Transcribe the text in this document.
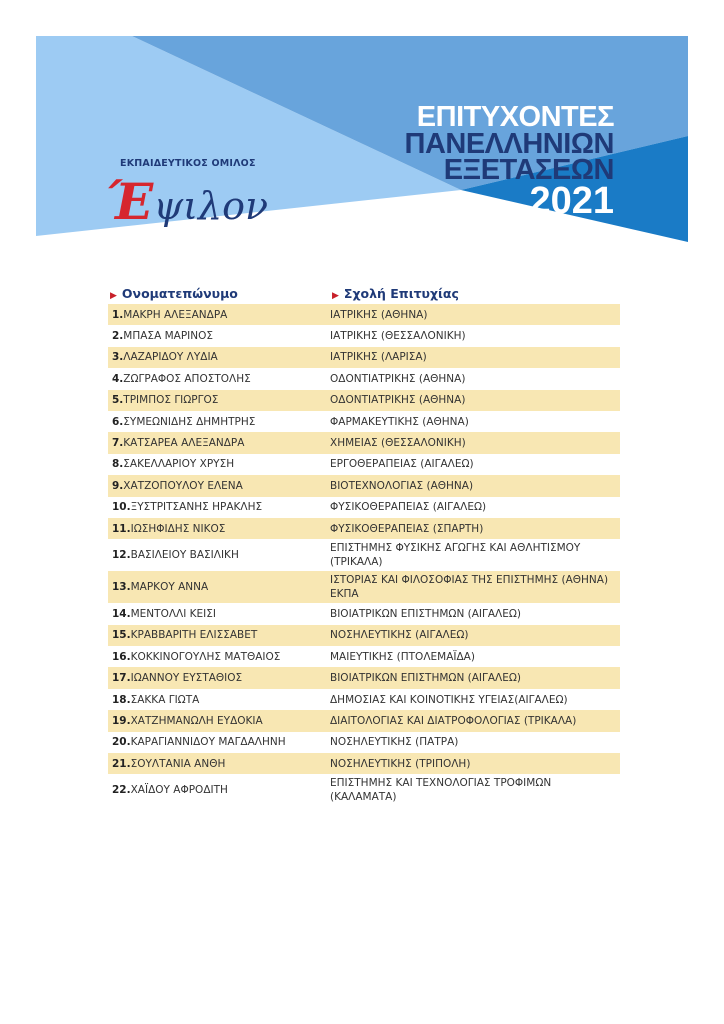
ΕΚΠΑΙΔΕΥΤΙΚΟΣ ΟΜΙΛΟΣ
Έψιλον
ΕΠΙΤΥΧΟΝΤΕΣ
ΠΑΝΕΛΛΗΝΙΩΝ
ΕΞΕΤΑΣΕΩΝ
2021
▶ Ονοματεπώνυμο	▶ Σχολή Επιτυχίας
1.ΜΑΚΡΗ ΑΛΕΞΑΝΔΡΑ	ΙΑΤΡΙΚΗΣ (ΑΘΗΝΑ)
2.ΜΠΑΣΑ ΜΑΡΙΝΟΣ	ΙΑΤΡΙΚΗΣ (ΘΕΣΣΑΛΟΝΙΚΗ)
3.ΛΑΖΑΡΙΔΟΥ ΛΥΔΙΑ	ΙΑΤΡΙΚΗΣ (ΛΑΡΙΣΑ)
4.ΖΩΓΡΑΦΟΣ ΑΠΟΣΤΟΛΗΣ	ΟΔΟΝΤΙΑΤΡΙΚΗΣ (ΑΘΗΝΑ)
5.ΤΡΙΜΠΟΣ ΓΙΩΡΓΟΣ	ΟΔΟΝΤΙΑΤΡΙΚΗΣ (ΑΘΗΝΑ)
6.ΣΥΜΕΩΝΙΔΗΣ ΔΗΜΗΤΡΗΣ	ΦΑΡΜΑΚΕΥΤΙΚΗΣ (ΑΘΗΝΑ)
7.ΚΑΤΣΑΡΕΑ ΑΛΕΞΑΝΔΡΑ	ΧΗΜΕΙΑΣ (ΘΕΣΣΑΛΟΝΙΚΗ)
8.ΣΑΚΕΛΛΑΡΙΟΥ ΧΡΥΣΗ	ΕΡΓΟΘΕΡΑΠΕΙΑΣ (ΑΙΓΑΛΕΩ)
9.ΧΑΤΖΟΠΟΥΛΟΥ ΕΛΕΝΑ	ΒΙΟΤΕΧΝΟΛΟΓΙΑΣ (ΑΘΗΝΑ)
10.ΞΥΣΤΡΙΤΣΑΝΗΣ ΗΡΑΚΛΗΣ	ΦΥΣΙΚΟΘΕΡΑΠΕΙΑΣ (ΑΙΓΑΛΕΩ)
11.ΙΩΣΗΦΙΔΗΣ ΝΙΚΟΣ	ΦΥΣΙΚΟΘΕΡΑΠΕΙΑΣ (ΣΠΑΡΤΗ)
12.ΒΑΣΙΛΕΙΟΥ ΒΑΣΙΛΙΚΗ
ΕΠΙΣΤΗΜΗΣ ΦΥΣΙΚΗΣ ΑΓΩΓΗΣ ΚΑΙ ΑΘΛΗΤΙΣΜΟΥ (ΤΡΙΚΑΛΑ)
13.ΜΑΡΚΟΥ ΑΝΝΑ
ΙΣΤΟΡΙΑΣ ΚΑΙ ΦΙΛΟΣΟΦΙΑΣ ΤΗΣ ΕΠΙΣΤΗΜΗΣ (ΑΘΗΝΑ) ΕΚΠΑ
14.ΜΕΝΤΟΛΛΙ ΚΕΙΣΙ	ΒΙΟΙΑΤΡΙΚΩΝ ΕΠΙΣΤΗΜΩΝ (ΑΙΓΑΛΕΩ)
15.ΚΡΑΒΒΑΡΙΤΗ ΕΛΙΣΣΑΒΕΤ	ΝΟΣΗΛΕΥΤΙΚΗΣ (ΑΙΓΑΛΕΩ)
16.ΚΟΚΚΙΝΟΓΟΥΛΗΣ ΜΑΤΘΑΙΟΣ	ΜΑΙΕΥΤΙΚΗΣ (ΠΤΟΛΕΜΑΪΔΑ)
17.ΙΩΑΝΝΟΥ ΕΥΣΤΑΘΙΟΣ	ΒΙΟΙΑΤΡΙΚΩΝ ΕΠΙΣΤΗΜΩΝ (ΑΙΓΑΛΕΩ)
18.ΣΑΚΚΑ ΓΙΩΤΑ	ΔΗΜΟΣΙΑΣ ΚΑΙ ΚΟΙΝΟΤΙΚΗΣ ΥΓΕΙΑΣ(ΑΙΓΑΛΕΩ)
19.ΧΑΤΖΗΜΑΝΩΛΗ ΕΥΔΟΚΙΑ	ΔΙΑΙΤΟΛΟΓΙΑΣ ΚΑΙ ΔΙΑΤΡΟΦΟΛΟΓΙΑΣ (ΤΡΙΚΑΛΑ)
20.ΚΑΡΑΓΙΑΝΝΙΔΟΥ ΜΑΓΔΑΛΗΝΗ	ΝΟΣΗΛΕΥΤΙΚΗΣ (ΠΑΤΡΑ)
21.ΣΟΥΛΤΑΝΙΑ ΑΝΘΗ	ΝΟΣΗΛΕΥΤΙΚΗΣ (ΤΡΙΠΟΛΗ)
22.ΧΑΪΔΟΥ ΑΦΡΟΔΙΤΗ
ΕΠΙΣΤΗΜΗΣ ΚΑΙ ΤΕΧΝΟΛΟΓΙΑΣ ΤΡΟΦΙΜΩΝ (ΚΑΛΑΜΑΤΑ)
